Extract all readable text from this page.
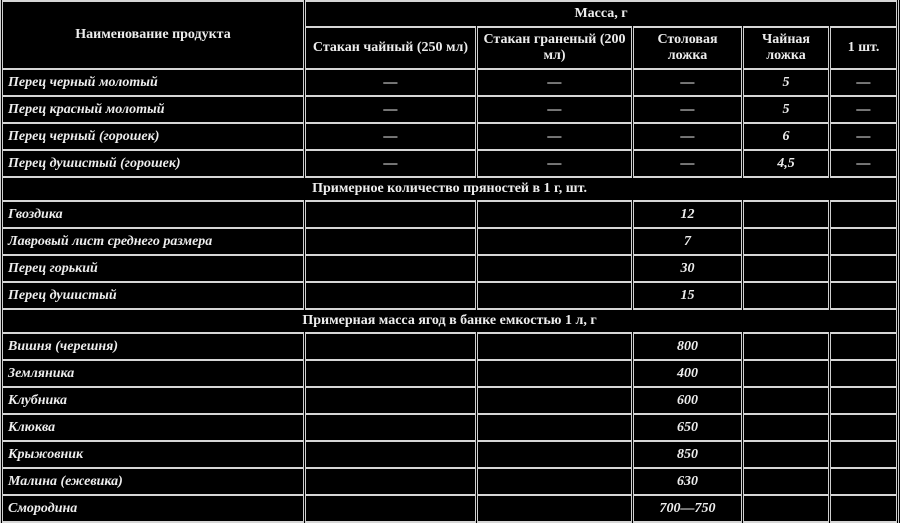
Наименование продукта	Масса, г				
	Стакан чайный (250 мл)	Стакан граненый (200 мл)	Столовая ложка	Чайная ложка	1 шт.
Перец черный молотый	—	—	—	5	—
Перец красный молотый	—	—	—	5	—
Перец черный (горошек)	—	—	—	6	—
Перец душистый (горошек)	—	—	—	4,5	—
Примерное количество пряностей в 1 г, шт.					
Гвоздика			12		
Лавровый лист среднего размера			7		
Перец горький			30		
Перец душистый			15		
Примерная масса ягод в банке емкостью 1 л, г					
Вишня (черешня)			800		
Земляника			400		
Клубника			600		
Клюква			650		
Крыжовник			850		
Малина (ежевика)			630		
Смородина			700—750		
